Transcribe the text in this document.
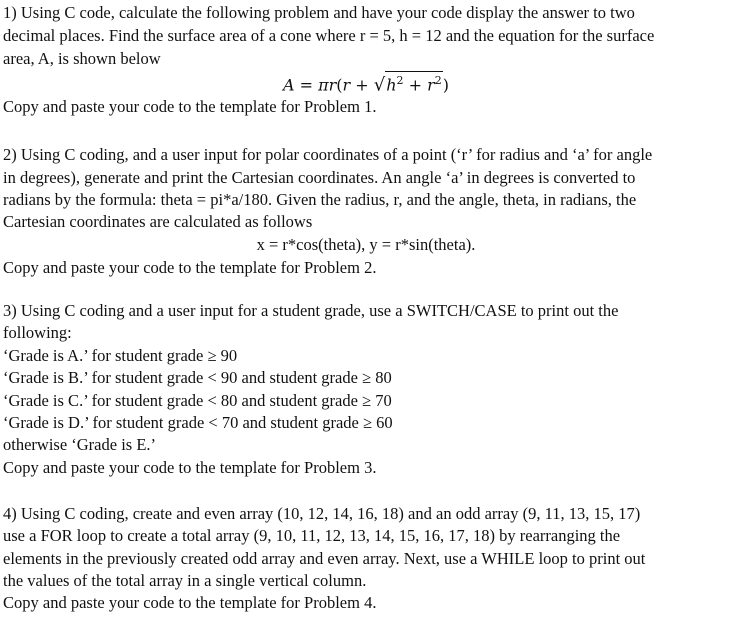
1) Using C code, calculate the following problem and have your code display the answer to two
decimal places. Find the surface area of a cone where r = 5, h = 12 and the equation for the surface
area, A, is shown below
$A = \pi r(r + √h^2 + r^2)$
Copy and paste your code to the template for Problem 1.
2) Using C coding, and a user input for polar coordinates of a point (‘r’ for radius and ‘a’ for angle
in degrees), generate and print the Cartesian coordinates. An angle ‘a’ in degrees is converted to
radians by the formula: theta = pi*a/180. Given the radius, r, and the angle, theta, in radians, the
Cartesian coordinates are calculated as follows
x = r*cos(theta), y = r*sin(theta).
Copy and paste your code to the template for Problem 2.
3) Using C coding and a user input for a student grade, use a SWITCH/CASE to print out the
following:
‘Grade is A.’ for student grade ≥ 90
‘Grade is B.’ for student grade < 90 and student grade ≥ 80
‘Grade is C.’ for student grade < 80 and student grade ≥ 70
‘Grade is D.’ for student grade < 70 and student grade ≥ 60
otherwise ‘Grade is E.’
Copy and paste your code to the template for Problem 3.
4) Using C coding, create and even array (10, 12, 14, 16, 18) and an odd array (9, 11, 13, 15, 17)
use a FOR loop to create a total array (9, 10, 11, 12, 13, 14, 15, 16, 17, 18) by rearranging the
elements in the previously created odd array and even array. Next, use a WHILE loop to print out
the values of the total array in a single vertical column.
Copy and paste your code to the template for Problem 4.
